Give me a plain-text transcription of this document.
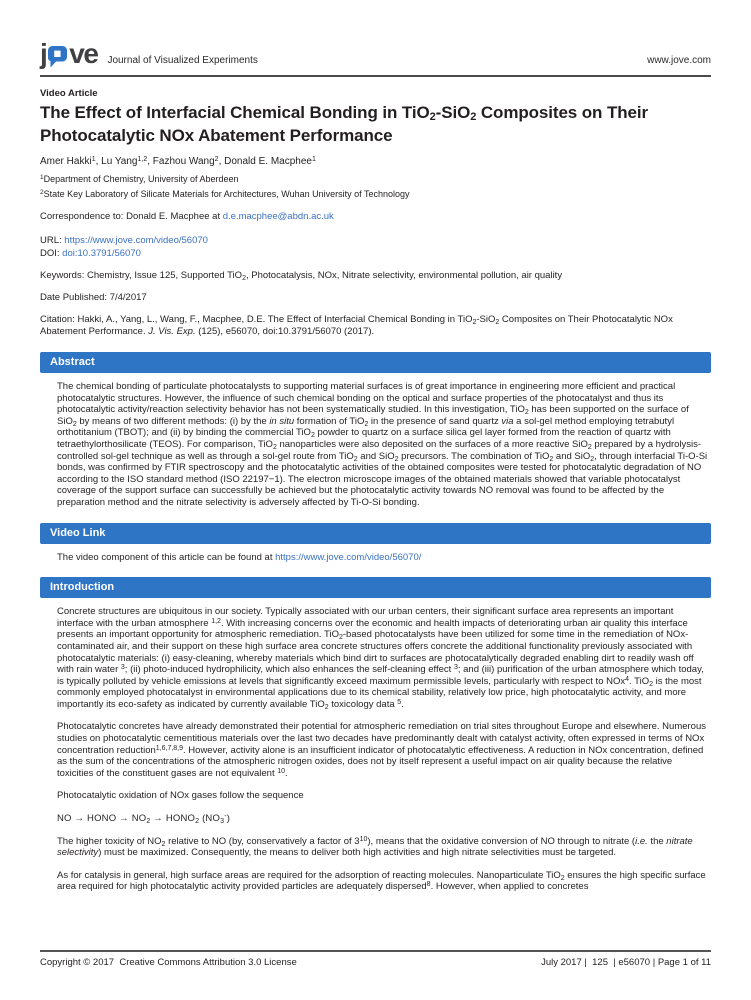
j ve Journal of Visualized Experiments	www.jove.com
Video Article
The Effect of Interfacial Chemical Bonding in TiO$_2$-SiO$_2$ Composites on Their Photocatalytic NOx Abatement Performance
Amer Hakki$^1$, Lu Yang$^{1,2}$, Fazhou Wang$^2$, Donald E. Macphee$^1$
$^1$Department of Chemistry, University of Aberdeen
$^2$State Key Laboratory of Silicate Materials for Architectures, Wuhan University of Technology
Correspondence to: Donald E. Macphee at d.e.macphee@abdn.ac.uk
URL: https://www.jove.com/video/56070
DOI: doi:10.3791/56070
Keywords: Chemistry, Issue 125, Supported TiO$_2$, Photocatalysis, NOx, Nitrate selectivity, environmental pollution, air quality
Date Published: 7/4/2017
Citation: Hakki, A., Yang, L., Wang, F., Macphee, D.E. The Effect of Interfacial Chemical Bonding in TiO$_2$-SiO$_2$ Composites on Their Photocatalytic NOx Abatement Performance. J. Vis. Exp. (125), e56070, doi:10.3791/56070 (2017).
Abstract
The chemical bonding of particulate photocatalysts to supporting material surfaces is of great importance in engineering more efficient and practical photocatalytic structures. However, the influence of such chemical bonding on the optical and surface properties of the photocatalyst and thus its photocatalytic activity/reaction selectivity behavior has not been systematically studied. In this investigation, TiO$_2$ has been supported on the surface of SiO$_2$ by means of two different methods: (i) by the in situ formation of TiO$_2$ in the presence of sand quartz via a sol-gel method employing tetrabutyl orthotitanium (TBOT); and (ii) by binding the commercial TiO$_2$ powder to quartz on a surface silica gel layer formed from the reaction of quartz with tetraethylorthosilicate (TEOS). For comparison, TiO$_2$ nanoparticles were also deposited on the surfaces of a more reactive SiO$_2$ prepared by a hydrolysis-controlled sol-gel technique as well as through a sol-gel route from TiO$_2$ and SiO$_2$ precursors. The combination of TiO$_2$ and SiO$_2$, through interfacial Ti-O-Si bonds, was confirmed by FTIR spectroscopy and the photocatalytic activities of the obtained composites were tested for photocatalytic degradation of NO according to the ISO standard method (ISO 22197−1). The electron microscope images of the obtained materials showed that variable photocatalyst coverage of the support surface can successfully be achieved but the photocatalytic activity towards NO removal was found to be affected by the preparation method and the nitrate selectivity is adversely affected by Ti-O-Si bonding.
Video Link
The video component of this article can be found at https://www.jove.com/video/56070/
Introduction

Concrete structures are ubiquitous in our society. Typically associated with our urban centers, their significant surface area represents an important interface with the urban atmosphere $^{1,2}$. With increasing concerns over the economic and health impacts of deteriorating urban air quality this interface presents an important opportunity for atmospheric remediation. TiO$_2$-based photocatalysts have been utilized for some time in the remediation of NOx-contaminated air, and their support on these high surface area concrete structures offers concrete the additional functionality previously associated with photocatalytic materials: (i) easy-cleaning, whereby materials which bind dirt to surfaces are photocatalytically degraded enabling dirt to readily wash off with rain water $^3$; (ii) photo-induced hydrophilicity, which also enhances the self-cleaning effect $^3$; and (iii) purification of the urban atmosphere which today, is typically polluted by vehicle emissions at levels that significantly exceed maximum permissible levels, particularly with respect to NOx$^4$. TiO$_2$ is the most commonly employed photocatalyst in environmental applications due to its chemical stability, relatively low price, high photocatalytic activity, and more importantly its eco-safety as indicated by currently available TiO$_2$ toxicology data $^5$.

Photocatalytic concretes have already demonstrated their potential for atmospheric remediation on trial sites throughout Europe and elsewhere. Numerous studies on photocatalytic cementitious materials over the last two decades have predominantly dealt with catalyst activity, often expressed in terms of NOx concentration reduction$^{1,6,7,8,9}$. However, activity alone is an insufficient indicator of photocatalytic effectiveness. A reduction in NOx concentration, defined as the sum of the concentrations of the atmospheric nitrogen oxides, does not by itself represent a useful impact on air quality because the relative toxicities of the constituent gases are not equivalent $^{10}$.

Photocatalytic oxidation of NOx gases follow the sequence

NO → HONO → $NO_2$ → $HONO_2$ $(NO_3^-)$

The higher toxicity of $NO_2$ relative to NO (by, conservatively a factor of $3^{10}$), means that the oxidative conversion of NO through to nitrate (i.e. the nitrate selectivity) must be maximized. Consequently, the means to deliver both high activities and high nitrate selectivities must be targeted.

As for catalysis in general, high surface areas are required for the adsorption of reacting molecules. Nanoparticulate TiO$_2$ ensures the high specific surface area required for high photocatalytic activity provided particles are adequately dispersed$^8$. However, when applied to concretes

Copyright © 2017  Creative Commons Attribution 3.0 License	July 2017 |  125  | e56070 | Page 1 of 11
